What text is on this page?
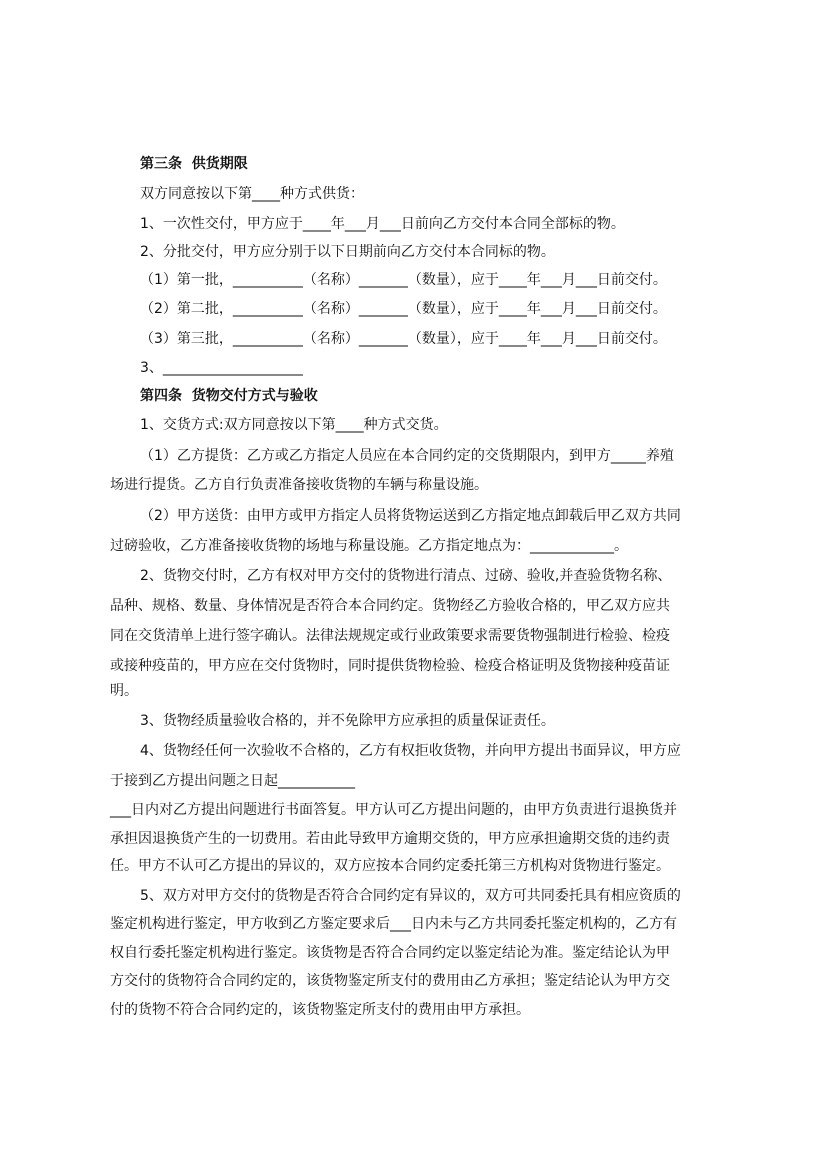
第三条  供货期限
双方同意按以下第____种方式供货：
1、一次性交付，甲方应于____年___月___日前向乙方交付本合同全部标的物。
2、分批交付，甲方应分别于以下日期前向乙方交付本合同标的物。
（1）第一批，__________（名称）_______（数量），应于____年___月___日前交付。
（2）第二批，__________（名称）_______（数量），应于____年___月___日前交付。
（3）第三批，__________（名称）_______（数量），应于____年___月___日前交付。
3、____________________
第四条  货物交付方式与验收
1、交货方式:双方同意按以下第____种方式交货。
（1）乙方提货：乙方或乙方指定人员应在本合同约定的交货期限内，到甲方_____养殖
场进行提货。乙方自行负责准备接收货物的车辆与称量设施。
（2）甲方送货：由甲方或甲方指定人员将货物运送到乙方指定地点卸载后甲乙双方共同
过磅验收，乙方准备接收货物的场地与称量设施。乙方指定地点为：____________。
2、货物交付时，乙方有权对甲方交付的货物进行清点、过磅、验收,并查验货物名称、
品种、规格、数量、身体情况是否符合本合同约定。货物经乙方验收合格的，甲乙双方应共
同在交货清单上进行签字确认。法律法规规定或行业政策要求需要货物强制进行检验、检疫
或接种疫苗的，甲方应在交付货物时，同时提供货物检验、检疫合格证明及货物接种疫苗证
明。
3、货物经质量验收合格的，并不免除甲方应承担的质量保证责任。
4、货物经任何一次验收不合格的，乙方有权拒收货物，并向甲方提出书面异议，甲方应
于接到乙方提出问题之日起___________
___日内对乙方提出问题进行书面答复。甲方认可乙方提出问题的，由甲方负责进行退换货并
承担因退换货产生的一切费用。若由此导致甲方逾期交货的，甲方应承担逾期交货的违约责
任。甲方不认可乙方提出的异议的，双方应按本合同约定委托第三方机构对货物进行鉴定。
5、双方对甲方交付的货物是否符合合同约定有异议的，双方可共同委托具有相应资质的
鉴定机构进行鉴定，甲方收到乙方鉴定要求后___日内未与乙方共同委托鉴定机构的，乙方有
权自行委托鉴定机构进行鉴定。该货物是否符合合同约定以鉴定结论为准。鉴定结论认为甲
方交付的货物符合合同约定的，该货物鉴定所支付的费用由乙方承担；鉴定结论认为甲方交
付的货物不符合合同约定的，该货物鉴定所支付的费用由甲方承担。
